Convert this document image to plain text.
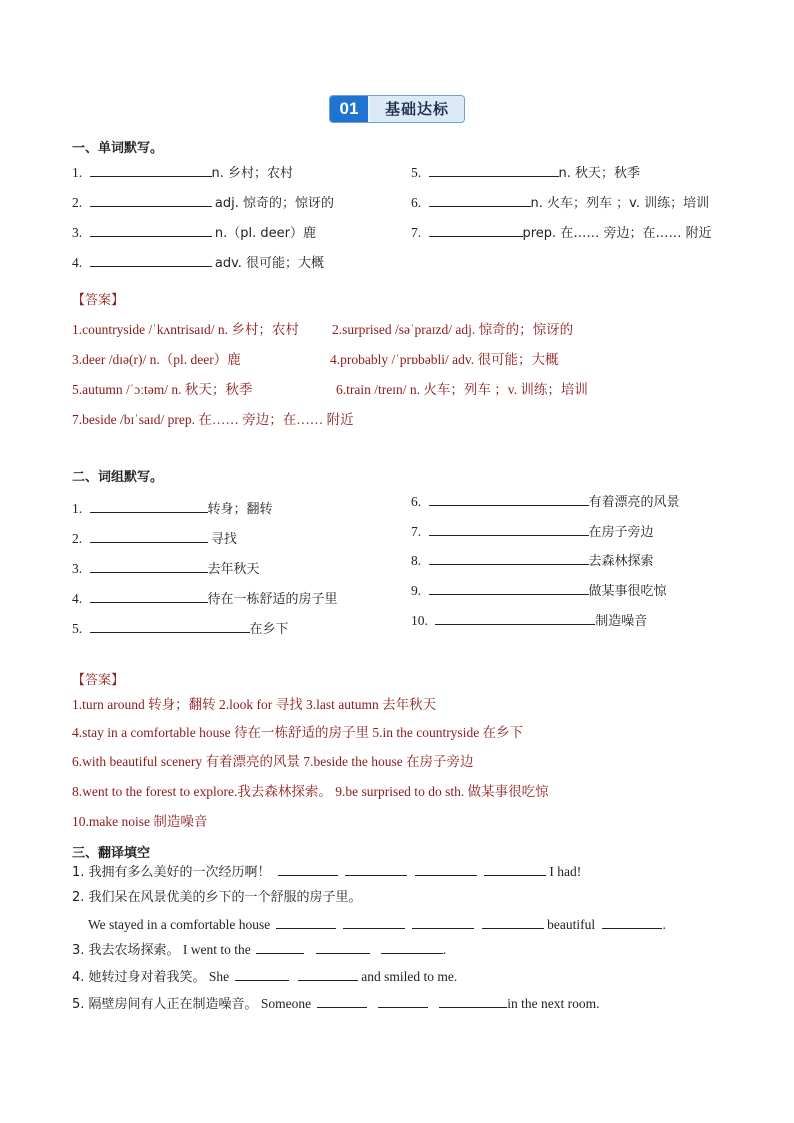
01	基础达标
一、单词默写。
1.	n. 乡村；农村
2.	adj. 惊奇的；惊讶的
3.	n.（pl. deer）鹿
4.	adv. 很可能；大概
5.	n. 秋天；秋季
6.	n. 火车；列车 ；v. 训练；培训
7.	prep. 在…… 旁边；在…… 附近
【答案】
1.countryside /ˈkʌntrisaɪd/ n. 乡村；农村 2.surprised /səˈpraɪzd/ adj. 惊奇的；惊讶的
3.deer /dɪə(r)/ n.（pl. deer）鹿	4.probably /ˈprɒbəbli/ adv. 很可能；大概
5.autumn /ˈɔːtəm/ n. 秋天；秋季	6.train /treɪn/ n. 火车；列车 ；v. 训练；培训
7.beside /bɪˈsaɪd/ prep. 在…… 旁边；在…… 附近
二、词组默写。
1.	转身；翻转
2.	寻找
3.	去年秋天
4.	待在一栋舒适的房子里
5.	在乡下
6.	有着漂亮的风景
7.	在房子旁边
8.	去森林探索
9.	做某事很吃惊
10.	制造噪音
【答案】
1.turn around 转身；翻转 2.look for 寻找 3.last autumn 去年秋天
4.stay in a comfortable house 待在一栋舒适的房子里 5.in the countryside 在乡下
6.with beautiful scenery 有着漂亮的风景 7.beside the house 在房子旁边
8.went to the forest to explore.我去森林探索。 9.be surprised to do sth. 做某事很吃惊
10.make noise 制造噪音
三、翻译填空
1. 我拥有多么美好的一次经历啊！	I had!
2. 我们呆在风景优美的乡下的一个舒服的房子里。
We stayed in a comfortable house	beautiful	.
3. 我去农场探索。 I went to the	.
4. 她转过身对着我笑。 She	and smiled to me.
5. 隔壁房间有人正在制造噪音。 Someone	in the next room.
